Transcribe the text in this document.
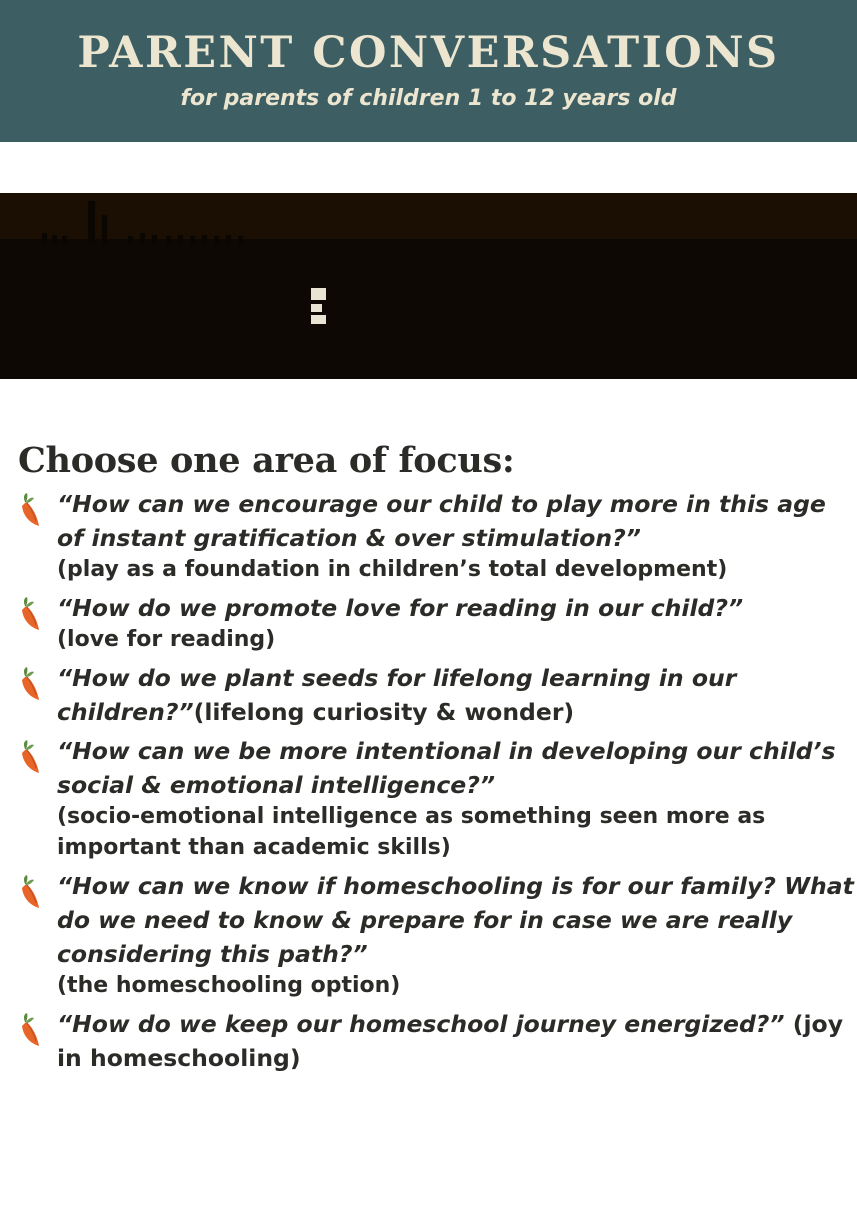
PARENT CONVERSATIONS
for parents of children 1 to 12 years old
Choose one area of focus:

“How can we encourage our child to play more in this age of instant gratification & over stimulation?”

(play as a foundation in children’s total development)

“How do we promote love for reading in our child?”

(love for reading)

“How do we plant seeds for lifelong learning in our children?”(lifelong curiosity & wonder)

“How can we be more intentional in developing our child’s social & emotional intelligence?”

(socio-emotional intelligence as something seen more as important than academic skills)

“How can we know if homeschooling is for our family? What do we need to know & prepare for in case we are really considering this path?”

(the homeschooling option)

“How do we keep our homeschool journey energized?” (joy in homeschooling)
